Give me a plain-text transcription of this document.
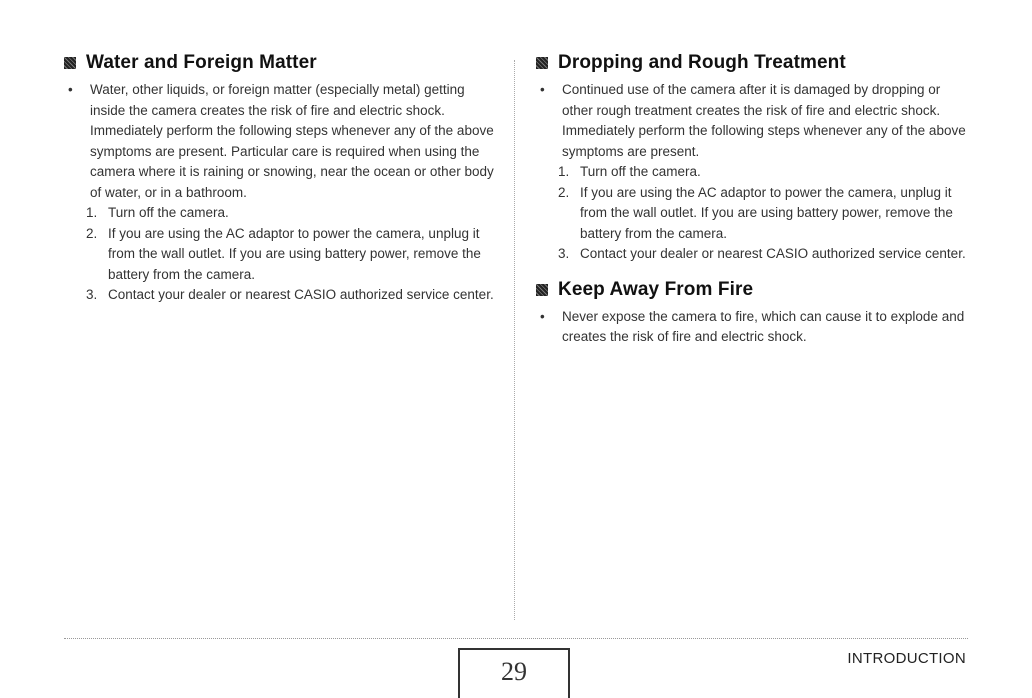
Water and Foreign Matter
•	Water, other liquids, or foreign matter (especially metal) getting inside the camera creates the risk of fire and electric shock. Immediately perform the following steps whenever any of the above symptoms are present. Particular care is required when using the camera where it is raining or snowing, near the ocean or other body of water, or in a bathroom.
1. Turn off the camera.
2. If you are using the AC adaptor to power the camera, unplug it from the wall outlet. If you are using battery power, remove the battery from the camera.
3. Contact your dealer or nearest CASIO authorized service center.
Dropping and Rough Treatment
•	Continued use of the camera after it is damaged by dropping or other rough treatment creates the risk of fire and electric shock. Immediately perform the following steps whenever any of the above symptoms are present.
1. Turn off the camera.
2. If you are using the AC adaptor to power the camera, unplug it from the wall outlet. If you are using battery power, remove the battery from the camera.
3. Contact your dealer or nearest CASIO authorized service center.
Keep Away From Fire
•	Never expose the camera to fire, which can cause it to explode and creates the risk of fire and electric shock.
29	INTRODUCTION
